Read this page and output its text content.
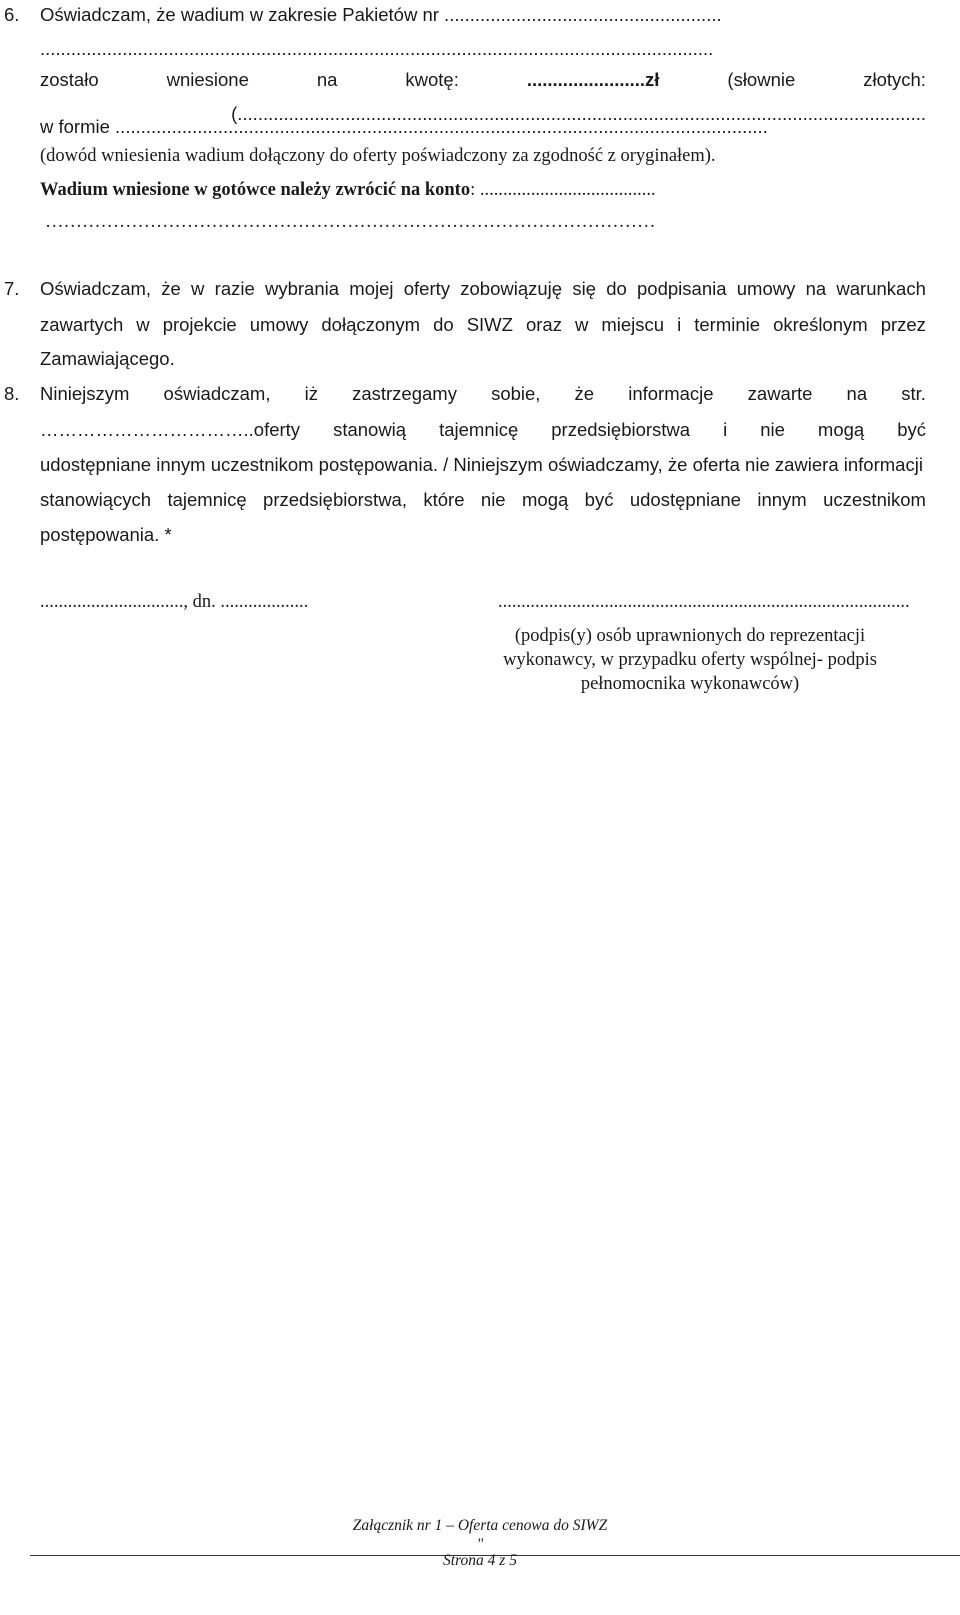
6. Oświadczam, że wadium w zakresie Pakietów nr ......................................................
...................................................................................................................................
zostało	wniesione	na	kwotę:	.......................zł	(słownie	złotych:
......................................................................................................................................)
w formie ...............................................................................................................................
(dowód wniesienia wadium dołączony do oferty poświadczony za zgodność z oryginałem).
Wadium wniesione w gotówce należy zwrócić na konto: ......................................
………………………………………………………………………………………
7. Oświadczam, że w razie wybrania mojej oferty zobowiązuję się do podpisania umowy na warunkach
zawartych w projekcie umowy dołączonym do SIWZ oraz w miejscu i terminie określonym przez
Zamawiającego.
8. Niniejszym oświadczam, iż zastrzegamy sobie, że informacje zawarte na str.
……………………………..oferty stanowią tajemnicę przedsiębiorstwa i nie mogą być
udostępniane innym uczestnikom postępowania. / Niniejszym oświadczamy, że oferta nie zawiera informacji
stanowiących tajemnicę przedsiębiorstwa, które nie mogą być udostępniane innym uczestnikom
postępowania. *
..............................., dn. ...................	.........................................................................................
(podpis(y) osób uprawnionych do reprezentacji
wykonawcy, w przypadku oferty wspólnej- podpis
pełnomocnika wykonawców)
Załącznik nr 1 – Oferta cenowa do SIWZ
"
Strona 4 z 5
